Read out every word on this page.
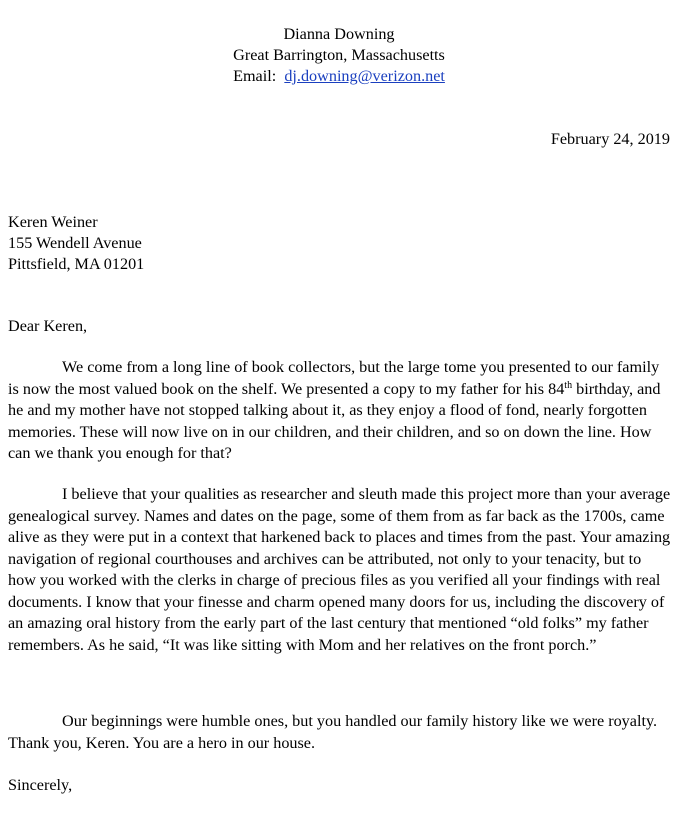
Dianna Downing
Great Barrington, Massachusetts
Email: dj.downing@verizon.net
February 24, 2019
Keren Weiner
155 Wendell Avenue
Pittsfield, MA 01201
Dear Keren,

We come from a long line of book collectors, but the large tome you presented to our family is now the most valued book on the shelf. We presented a copy to my father for his 84th birthday, and he and my mother have not stopped talking about it, as they enjoy a flood of fond, nearly forgotten memories. These will now live on in our children, and their children, and so on down the line. How can we thank you enough for that?

I believe that your qualities as researcher and sleuth made this project more than your average genealogical survey. Names and dates on the page, some of them from as far back as the 1700s, came alive as they were put in a context that harkened back to places and times from the past. Your amazing navigation of regional courthouses and archives can be attributed, not only to your tenacity, but to how you worked with the clerks in charge of precious files as you verified all your findings with real documents. I know that your finesse and charm opened many doors for us, including the discovery of an amazing oral history from the early part of the last century that mentioned “old folks” my father remembers. As he said, “It was like sitting with Mom and her relatives on the front porch.”

Our beginnings were humble ones, but you handled our family history like we were royalty. Thank you, Keren. You are a hero in our house.

Sincerely,
